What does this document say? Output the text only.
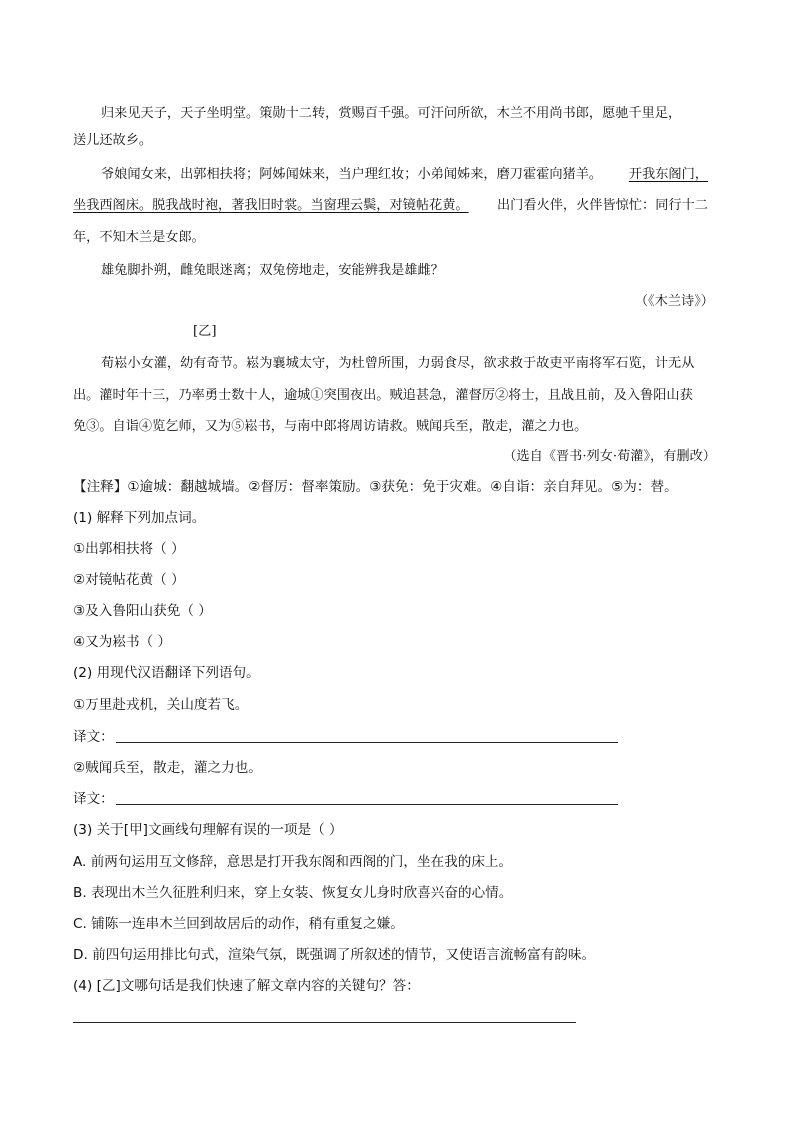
归来见天子，天子坐明堂。策勋十二转，赏赐百千强。可汗问所欲，木兰不用尚书郎，愿驰千里足，
送儿还故乡。
爷娘闻女来，出郭相扶将；阿姊闻妹来，当户理红妆；小弟闻姊来，磨刀霍霍向猪羊。 开我东阁门，
坐我西阁床。脱我战时袍，著我旧时裳。当窗理云鬓，对镜帖花黄。 出门看火伴，火伴皆惊忙：同行十二
年，不知木兰是女郎。
雄兔脚扑朔，雌兔眼迷离；双兔傍地走，安能辨我是雄雌？
（《木兰诗》）
[乙]
荀崧小女灌，幼有奇节。崧为襄城太守，为杜曾所围，力弱食尽，欲求救于故吏平南将军石览，计无从
出。灌时年十三，乃率勇士数十人，逾城①突围夜出。贼追甚急，灌督厉②将士，且战且前，及入鲁阳山获
免③。自诣④览乞师，又为⑤崧书，与南中郎将周访请救。贼闻兵至，散走，灌之力也。
（选自《晋书·列女·荀灌》，有删改）
【注释】①逾城：翻越城墙。②督厉：督率策励。③获免：免于灾难。④自诣：亲自拜见。⑤为：替。
(1) 解释下列加点词。
①出郭相扶将（ ）
②对镜帖花黄（ ）
③及入鲁阳山获免（ ）
④又为崧书（ ）
(2) 用现代汉语翻译下列语句。
①万里赴戎机，关山度若飞。
译文：
②贼闻兵至，散走，灌之力也。
译文：
(3) 关于[甲]文画线句理解有误的一项是（ ）
A. 前两句运用互文修辞，意思是打开我东阁和西阁的门，坐在我的床上。
B. 表现出木兰久征胜利归来，穿上女装、恢复女儿身时欣喜兴奋的心情。
C. 铺陈一连串木兰回到故居后的动作，稍有重复之嫌。
D. 前四句运用排比句式，渲染气氛，既强调了所叙述的情节，又使语言流畅富有韵味。
(4) [乙]文哪句话是我们快速了解文章内容的关键句？答：
